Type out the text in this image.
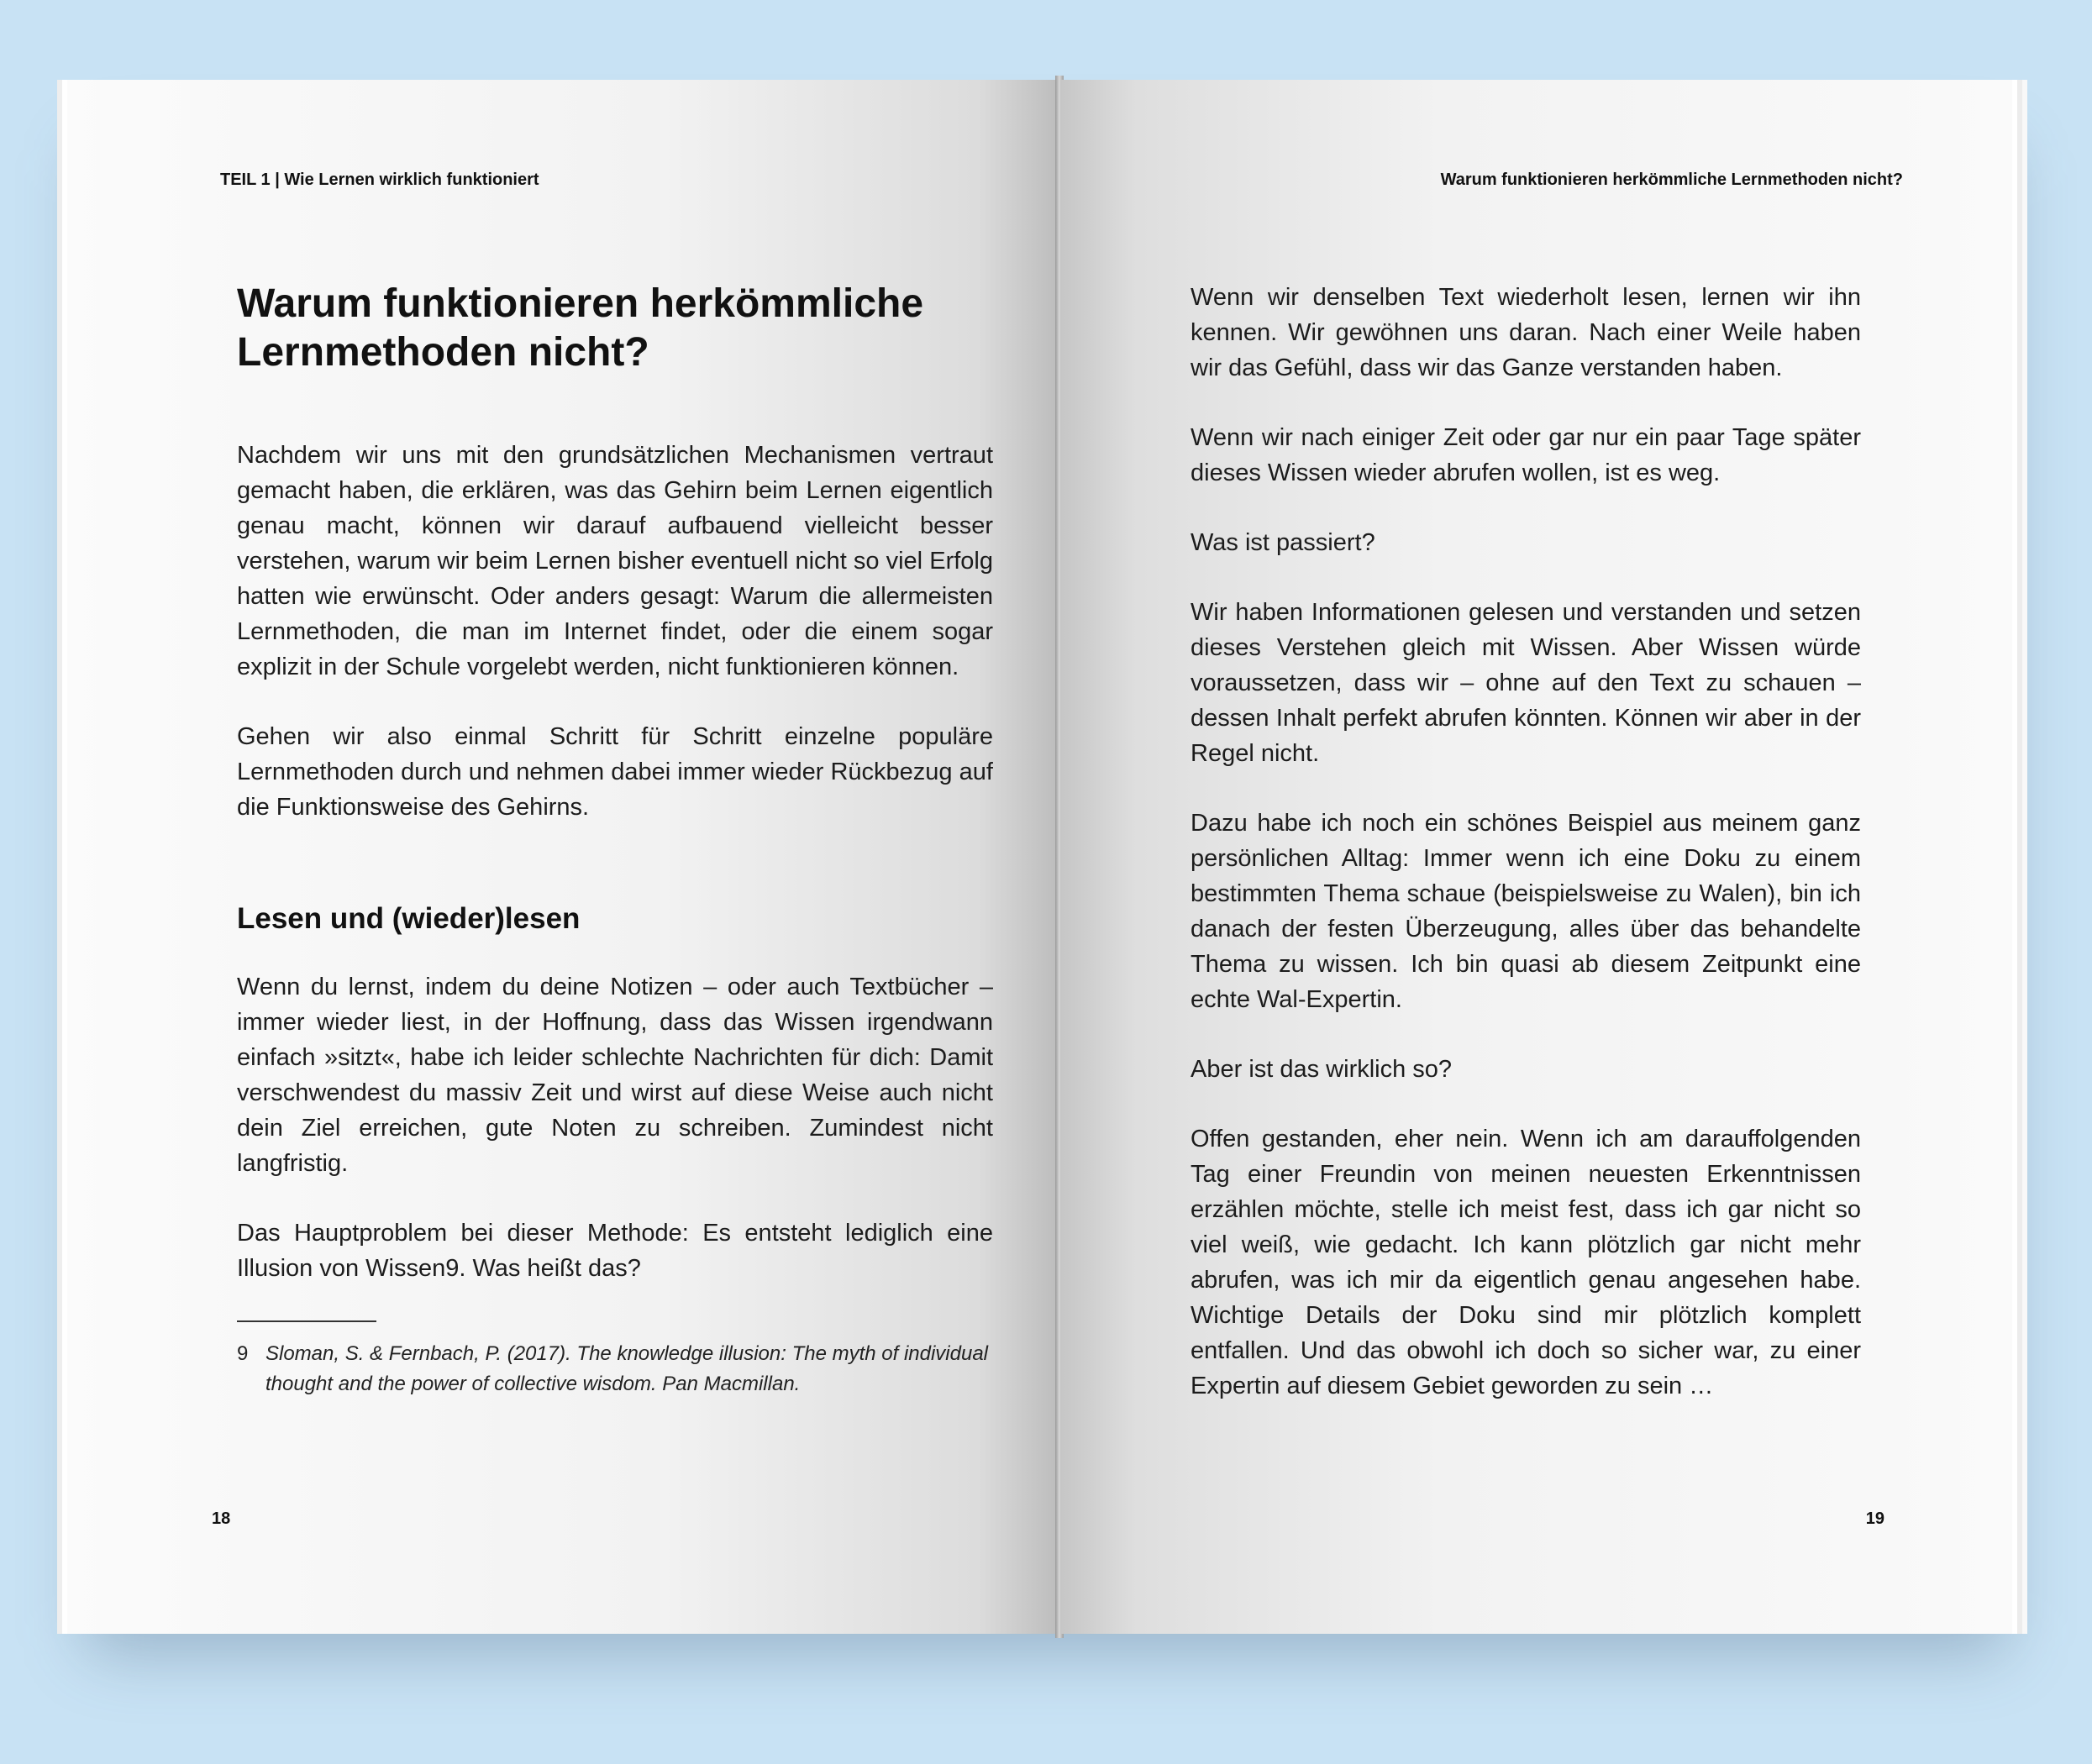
TEIL 1 | Wie Lernen wirklich funktioniert
Warum funktionieren herkömmliche Lernmethoden nicht?

Nachdem wir uns mit den grundsätzlichen Mechanismen vertraut gemacht haben, die erklären, was das Gehirn beim Lernen eigentlich genau macht, können wir darauf aufbauend vielleicht besser verstehen, warum wir beim Lernen bisher eventuell nicht so viel Erfolg hatten wie erwünscht. Oder anders gesagt: Warum die allermeisten Lernmethoden, die man im Internet findet, oder die einem sogar explizit in der Schule vorgelebt werden, nicht funktionieren können.

Gehen wir also einmal Schritt für Schritt einzelne populäre Lernmethoden durch und nehmen dabei immer wieder Rückbezug auf die Funktionsweise des Gehirns.

Lesen und (wieder)lesen

Wenn du lernst, indem du deine Notizen – oder auch Textbücher – immer wieder liest, in der Hoffnung, dass das Wissen irgendwann einfach »sitzt«, habe ich leider schlechte Nachrichten für dich: Damit verschwendest du massiv Zeit und wirst auf diese Weise auch nicht dein Ziel erreichen, gute Noten zu schreiben. Zumindest nicht langfristig.

Das Hauptproblem bei dieser Methode: Es entsteht lediglich eine Illusion von Wissen9. Was heißt das?

9 Sloman, S. & Fernbach, P. (2017). The knowledge illusion: The myth of individual thought and the power of collective wisdom. Pan Macmillan.
18
Warum funktionieren herkömmliche Lernmethoden nicht?

Wenn wir denselben Text wiederholt lesen, lernen wir ihn kennen. Wir gewöhnen uns daran. Nach einer Weile haben wir das Gefühl, dass wir das Ganze verstanden haben.

Wenn wir nach einiger Zeit oder gar nur ein paar Tage später dieses Wissen wieder abrufen wollen, ist es weg.

Was ist passiert?

Wir haben Informationen gelesen und verstanden und setzen dieses Verstehen gleich mit Wissen. Aber Wissen würde voraussetzen, dass wir – ohne auf den Text zu schauen – dessen Inhalt perfekt abrufen könnten. Können wir aber in der Regel nicht.

Dazu habe ich noch ein schönes Beispiel aus meinem ganz persönlichen Alltag: Immer wenn ich eine Doku zu einem bestimmten Thema schaue (beispielsweise zu Walen), bin ich danach der festen Überzeugung, alles über das behandelte Thema zu wissen. Ich bin quasi ab diesem Zeitpunkt eine echte Wal-Expertin.

Aber ist das wirklich so?

Offen gestanden, eher nein. Wenn ich am darauffolgenden Tag einer Freundin von meinen neuesten Erkenntnissen erzählen möchte, stelle ich meist fest, dass ich gar nicht so viel weiß, wie gedacht. Ich kann plötzlich gar nicht mehr abrufen, was ich mir da eigentlich genau angesehen habe. Wichtige Details der Doku sind mir plötzlich komplett entfallen. Und das obwohl ich doch so sicher war, zu einer Expertin auf diesem Gebiet geworden zu sein …

19
